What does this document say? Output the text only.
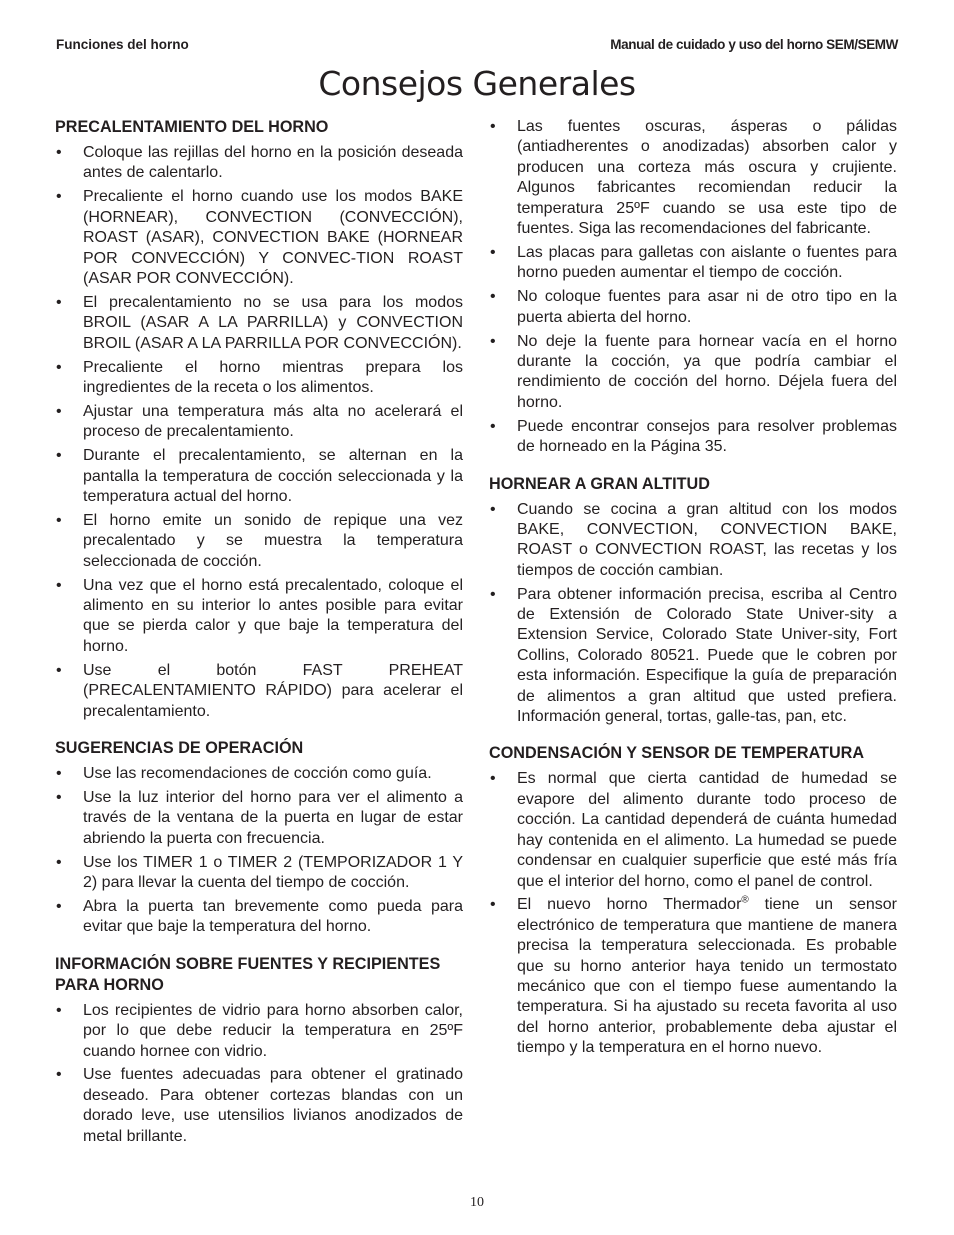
Funciones del horno	Manual de cuidado y uso del horno SEM/SEMW
Consejos Generales
PRECALENTAMIENTO DEL HORNO
• Coloque las rejillas del horno en la posición deseada antes de calentarlo.
• Precaliente el horno cuando use los modos BAKE (HORNEAR), CONVECTION (CONVECCIÓN), ROAST (ASAR), CONVECTION BAKE (HORNEAR POR CONVECCIÓN) Y CONVEC-TION ROAST (ASAR POR CONVECCIÓN).
• El precalentamiento no se usa para los modos BROIL (ASAR A LA PARRILLA) y CONVECTION BROIL (ASAR A LA PARRILLA POR CONVECCIÓN).
• Precaliente el horno mientras prepara los ingredientes de la receta o los alimentos.
• Ajustar una temperatura más alta no acelerará el proceso de precalentamiento.
• Durante el precalentamiento, se alternan en la pantalla la temperatura de cocción seleccionada y la temperatura actual del horno.
• El horno emite un sonido de repique una vez precalentado y se muestra la temperatura seleccionada de cocción.
• Una vez que el horno está precalentado, coloque el alimento en su interior lo antes posible para evitar que se pierda calor y que baje la temperatura del horno.
• Use el botón FAST PREHEAT (PRECALENTAMIENTO RÁPIDO) para acelerar el precalentamiento.
SUGERENCIAS DE OPERACIÓN
• Use las recomendaciones de cocción como guía.
• Use la luz interior del horno para ver el alimento a través de la ventana de la puerta en lugar de estar abriendo la puerta con frecuencia.
• Use los TIMER 1 o TIMER 2 (TEMPORIZADOR 1 Y 2) para llevar la cuenta del tiempo de cocción.
• Abra la puerta tan brevemente como pueda para evitar que baje la temperatura del horno.
INFORMACIÓN SOBRE FUENTES Y RECIPIENTES PARA HORNO
• Los recipientes de vidrio para horno absorben calor, por lo que debe reducir la temperatura en 25ºF cuando hornee con vidrio.
• Use fuentes adecuadas para obtener el gratinado deseado. Para obtener cortezas blandas con un dorado leve, use utensilios livianos anodizados de metal brillante.
• Las fuentes oscuras, ásperas o pálidas (antiadherentes o anodizadas) absorben calor y producen una corteza más oscura y crujiente. Algunos fabricantes recomiendan reducir la temperatura 25ºF cuando se usa este tipo de fuentes. Siga las recomendaciones del fabricante.
• Las placas para galletas con aislante o fuentes para horno pueden aumentar el tiempo de cocción.
• No coloque fuentes para asar ni de otro tipo en la puerta abierta del horno.
• No deje la fuente para hornear vacía en el horno durante la cocción, ya que podría cambiar el rendimiento de cocción del horno. Déjela fuera del horno.
• Puede encontrar consejos para resolver problemas de horneado en la Página 35.
HORNEAR A GRAN ALTITUD
• Cuando se cocina a gran altitud con los modos BAKE, CONVECTION, CONVECTION BAKE, ROAST o CONVECTION ROAST, las recetas y los tiempos de cocción cambian.
• Para obtener información precisa, escriba al Centro de Extensión de Colorado State Univer-sity a Extension Service, Colorado State Univer-sity, Fort Collins, Colorado 80521. Puede que le cobren por esta información. Especifique la guía de preparación de alimentos a gran altitud que usted prefiera. Información general, tortas, galle-tas, pan, etc.
CONDENSACIÓN Y SENSOR DE TEMPERATURA
• Es normal que cierta cantidad de humedad se evapore del alimento durante todo proceso de cocción. La cantidad dependerá de cuánta humedad hay contenida en el alimento. La humedad se puede condensar en cualquier superficie que esté más fría que el interior del horno, como el panel de control.
• El nuevo horno Thermador® tiene un sensor electrónico de temperatura que mantiene de manera precisa la temperatura seleccionada. Es probable que su horno anterior haya tenido un termostato mecánico que con el tiempo fuese aumentando la temperatura. Si ha ajustado su receta favorita al uso del horno anterior, probablemente deba ajustar el tiempo y la temperatura en el horno nuevo.
10
